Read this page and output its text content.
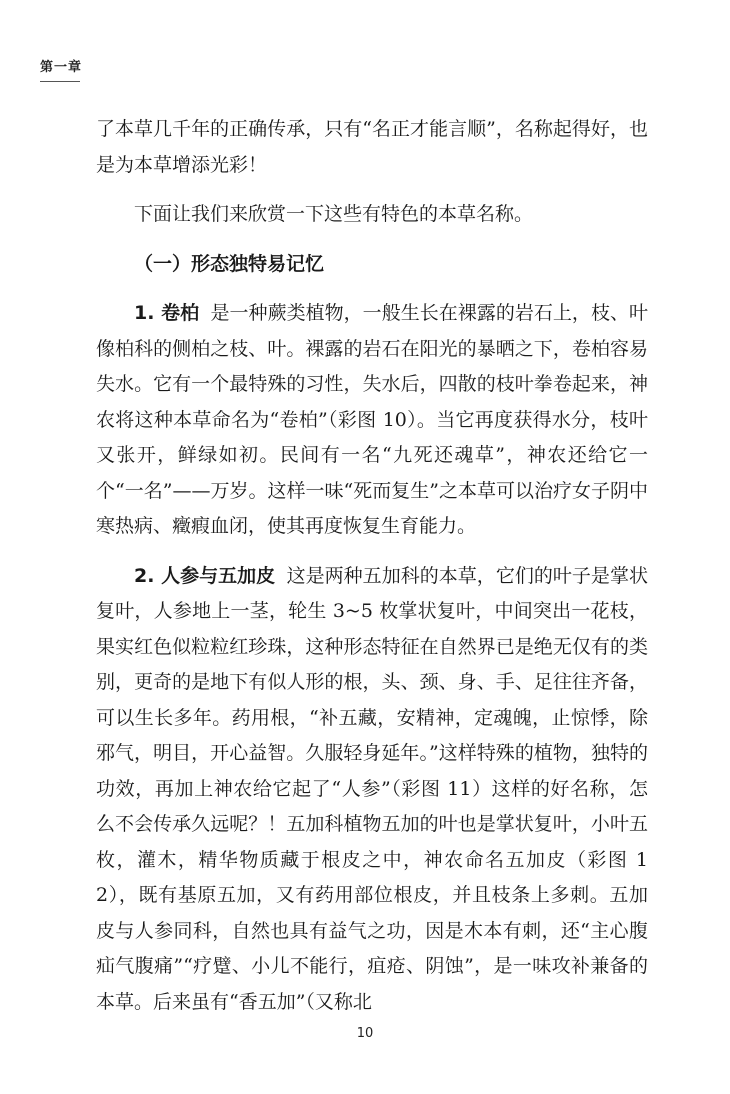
第一章

了本草几千年的正确传承，只有“名正才能言顺”，名称起得好，也是为本草增添光彩！

下面让我们来欣赏一下这些有特色的本草名称。

（一）形态独特易记忆

1. 卷柏 是一种蕨类植物，一般生长在裸露的岩石上，枝、叶像柏科的侧柏之枝、叶。裸露的岩石在阳光的暴晒之下，卷柏容易失水。它有一个最特殊的习性，失水后，四散的枝叶拳卷起来，神农将这种本草命名为“卷柏”（彩图 10）。当它再度获得水分，枝叶又张开，鲜绿如初。民间有一名“九死还魂草”，神农还给它一个“一名”——万岁。这样一味“死而复生”之本草可以治疗女子阴中寒热病、癥瘕血闭，使其再度恢复生育能力。

2. 人参与五加皮 这是两种五加科的本草，它们的叶子是掌状复叶，人参地上一茎，轮生 3~5 枚掌状复叶，中间突出一花枝，果实红色似粒粒红珍珠，这种形态特征在自然界已是绝无仅有的类别，更奇的是地下有似人形的根，头、颈、身、手、足往往齐备，可以生长多年。药用根，“补五藏，安精神，定魂魄，止惊悸，除邪气，明目，开心益智。久服轻身延年。”这样特殊的植物，独特的功效，再加上神农给它起了“人参”（彩图 11）这样的好名称，怎么不会传承久远呢？！五加科植物五加的叶也是掌状复叶，小叶五枚，灌木，精华物质藏于根皮之中，神农命名五加皮（彩图 12），既有基原五加，又有药用部位根皮，并且枝条上多刺。五加皮与人参同科，自然也具有益气之功，因是木本有刺，还“主心腹疝气腹痛”“疗躄、小儿不能行，疽疮、阴蚀”，是一味攻补兼备的本草。后来虽有“香五加”（又称北

10
